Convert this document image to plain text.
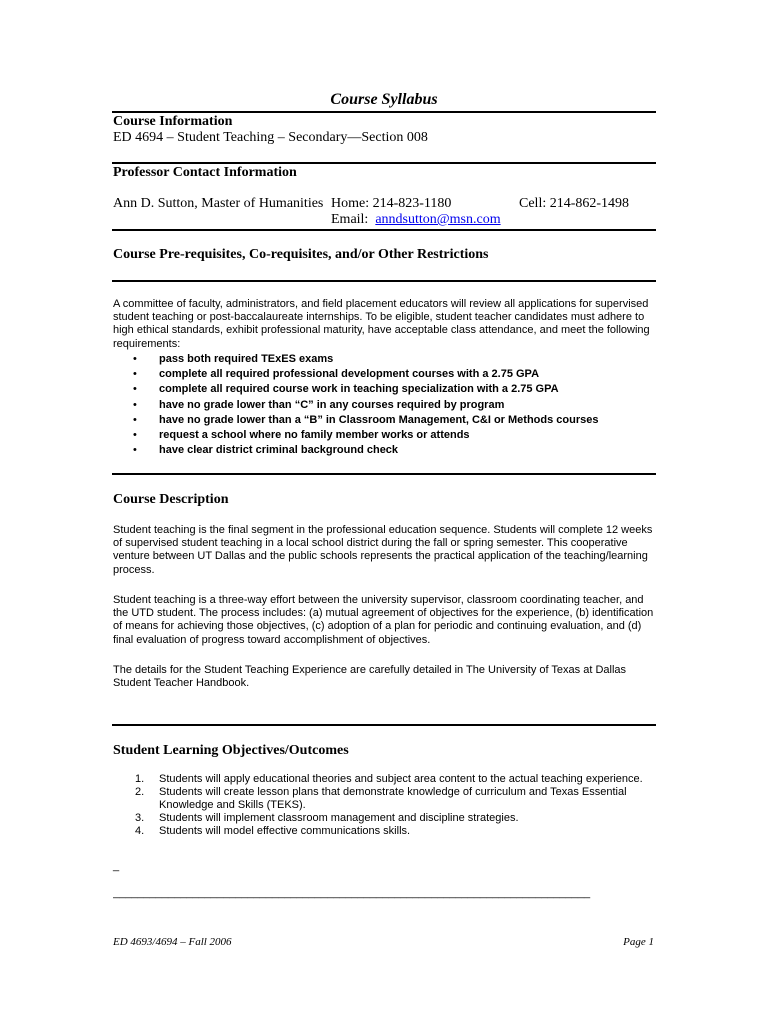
Course Syllabus
Course Information
ED 4694 – Student Teaching – Secondary—Section 008
Professor Contact Information
Ann D. Sutton, Master of Humanities Home: 214-823-1180	Cell: 214-862-1498
Email: anndsutton@msn.com
Course Pre-requisites, Co-requisites, and/or Other Restrictions
A committee of faculty, administrators, and field placement educators will review all applications for supervised student teaching or post-baccalaureate internships. To be eligible, student teacher candidates must adhere to high ethical standards, exhibit professional maturity, have acceptable class attendance, and meet the following requirements:
• pass both required TExES exams
• complete all required professional development courses with a 2.75 GPA
• complete all required course work in teaching specialization with a 2.75 GPA
• have no grade lower than “C” in any courses required by program
• have no grade lower than a “B” in Classroom Management, C&I or Methods courses
• request a school where no family member works or attends
• have clear district criminal background check
Course Description
Student teaching is the final segment in the professional education sequence. Students will complete 12 weeks of supervised student teaching in a local school district during the fall or spring semester. This cooperative venture between UT Dallas and the public schools represents the practical application of the teaching/learning process.
Student teaching is a three-way effort between the university supervisor, classroom coordinating teacher, and the UTD student. The process includes: (a) mutual agreement of objectives for the experience, (b) identification of means for achieving those objectives, (c) adoption of a plan for periodic and continuing evaluation, and (d) final evaluation of progress toward accomplishment of objectives.
The details for the Student Teaching Experience are carefully detailed in The University of Texas at Dallas Student Teacher Handbook.
Student Learning Objectives/Outcomes
1. Students will apply educational theories and subject area content to the actual teaching experience.
2. Students will create lesson plans that demonstrate knowledge of curriculum and Texas Essential Knowledge and Skills (TEKS).
3. Students will implement classroom management and discipline strategies.
4. Students will model effective communications skills.
_
______________________________________________________________________________
ED 4693/4694 – Fall 2006	Page 1
